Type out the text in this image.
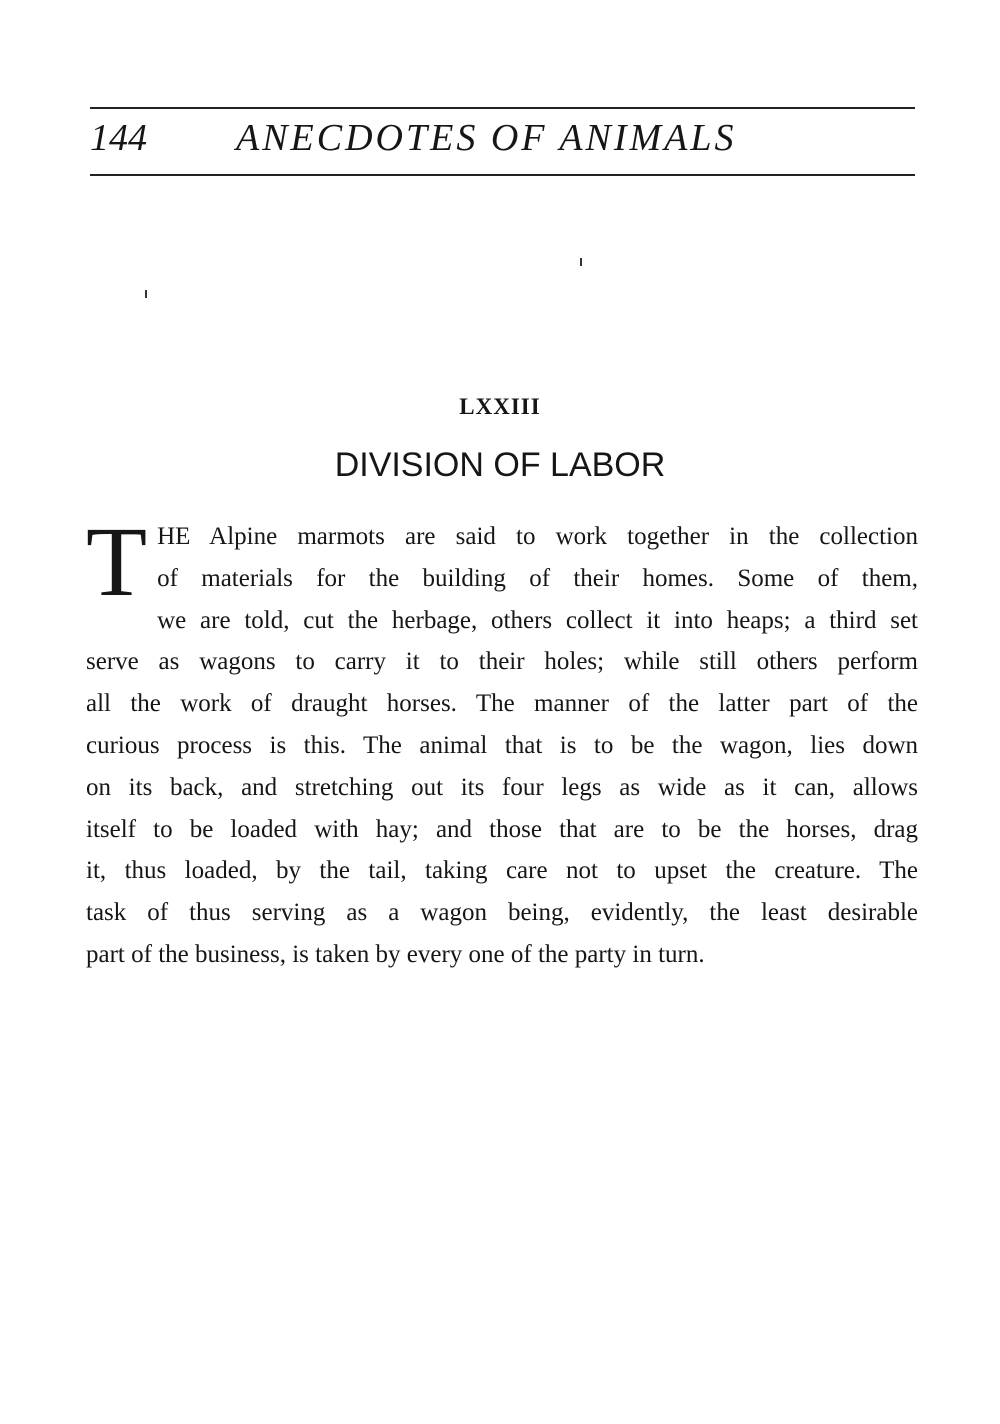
144 ANECDOTES OF ANIMALS
LXXIII
DIVISION OF LABOR
T HE Alpine marmots are said to work together in the collection
of materials for the building of their homes. Some of them,
we are told, cut the herbage, others collect it into heaps; a third set
serve as wagons to carry it to their holes; while still others perform
all the work of draught horses. The manner of the latter part of the
curious process is this. The animal that is to be the wagon, lies down
on its back, and stretching out its four legs as wide as it can, allows
itself to be loaded with hay; and those that are to be the horses, drag
it, thus loaded, by the tail, taking care not to upset the creature. The
task of thus serving as a wagon being, evidently, the least desirable
part of the business, is taken by every one of the party in turn.
